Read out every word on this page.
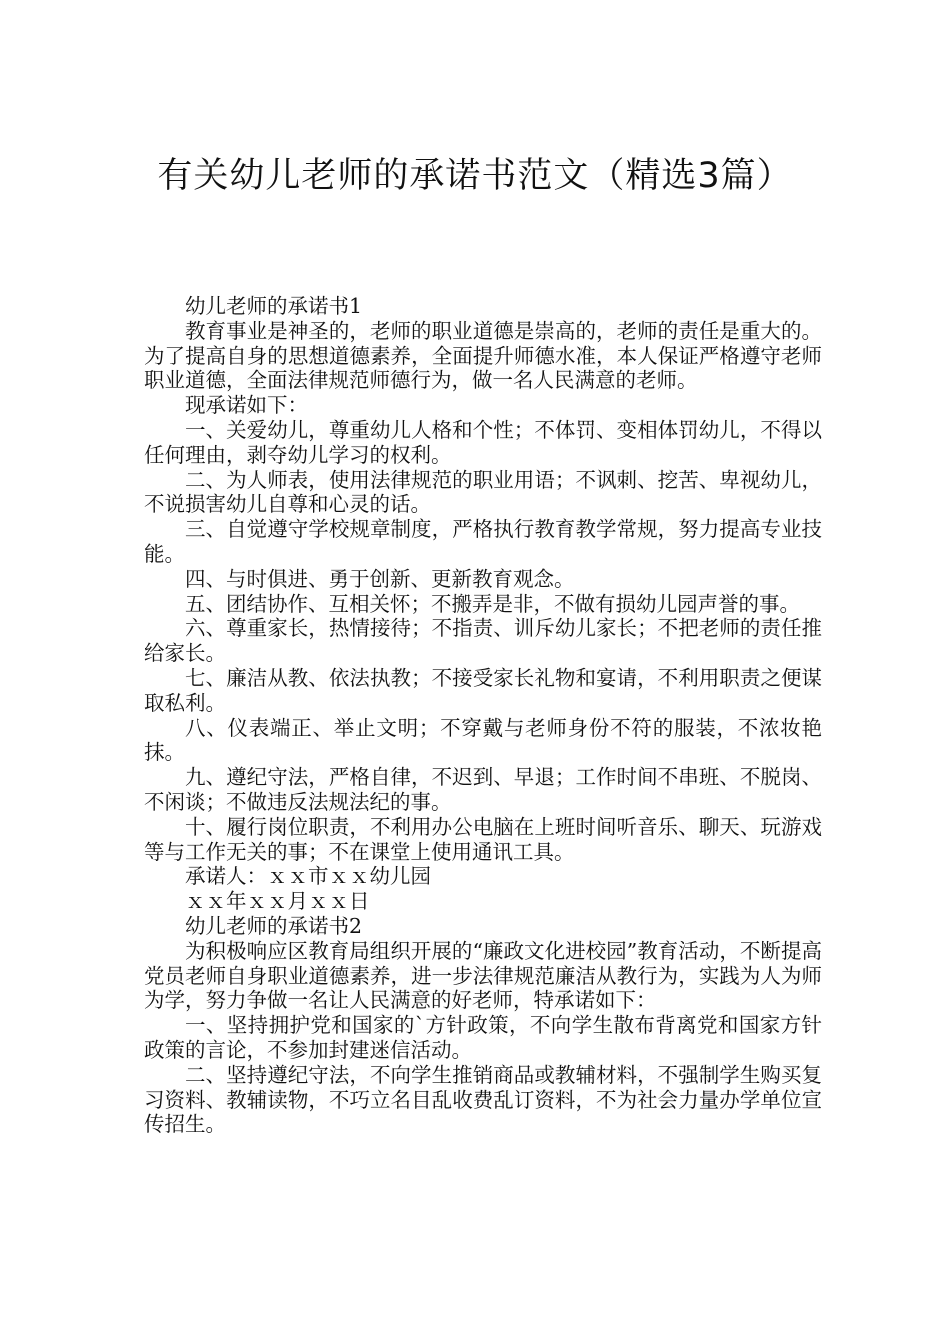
有关幼儿老师的承诺书范文（精选3篇）

幼儿老师的承诺书1

教育事业是神圣的，老师的职业道德是崇高的，老师的责任是重大的。为了提高自身的思想道德素养，全面提升师德水准，本人保证严格遵守老师职业道德，全面法律规范师德行为，做一名人民满意的老师。

现承诺如下：

一、关爱幼儿，尊重幼儿人格和个性；不体罚、变相体罚幼儿，不得以任何理由，剥夺幼儿学习的权利。

二、为人师表，使用法律规范的职业用语；不讽刺、挖苦、卑视幼儿，不说损害幼儿自尊和心灵的话。

三、自觉遵守学校规章制度，严格执行教育教学常规，努力提高专业技能。

四、与时俱进、勇于创新、更新教育观念。

五、团结协作、互相关怀；不搬弄是非，不做有损幼儿园声誉的事。

六、尊重家长，热情接待；不指责、训斥幼儿家长；不把老师的责任推给家长。

七、廉洁从教、依法执教；不接受家长礼物和宴请，不利用职责之便谋取私利。

八、仪表端正、举止文明；不穿戴与老师身份不符的服装，不浓妆艳抹。

九、遵纪守法，严格自律，不迟到、早退；工作时间不串班、不脱岗、不闲谈；不做违反法规法纪的事。

十、履行岗位职责，不利用办公电脑在上班时间听音乐、聊天、玩游戏等与工作无关的事；不在课堂上使用通讯工具。

承诺人：ｘｘ市ｘｘ幼儿园

ｘｘ年ｘｘ月ｘｘ日

幼儿老师的承诺书2

为积极响应区教育局组织开展的“廉政文化进校园”教育活动，不断提高党员老师自身职业道德素养，进一步法律规范廉洁从教行为，实践为人为师为学，努力争做一名让人民满意的好老师，特承诺如下：

一、坚持拥护党和国家的`方针政策，不向学生散布背离党和国家方针政策的言论，不参加封建迷信活动。

二、坚持遵纪守法，不向学生推销商品或教辅材料，不强制学生购买复习资料、教辅读物，不巧立名目乱收费乱订资料，不为社会力量办学单位宣传招生。
